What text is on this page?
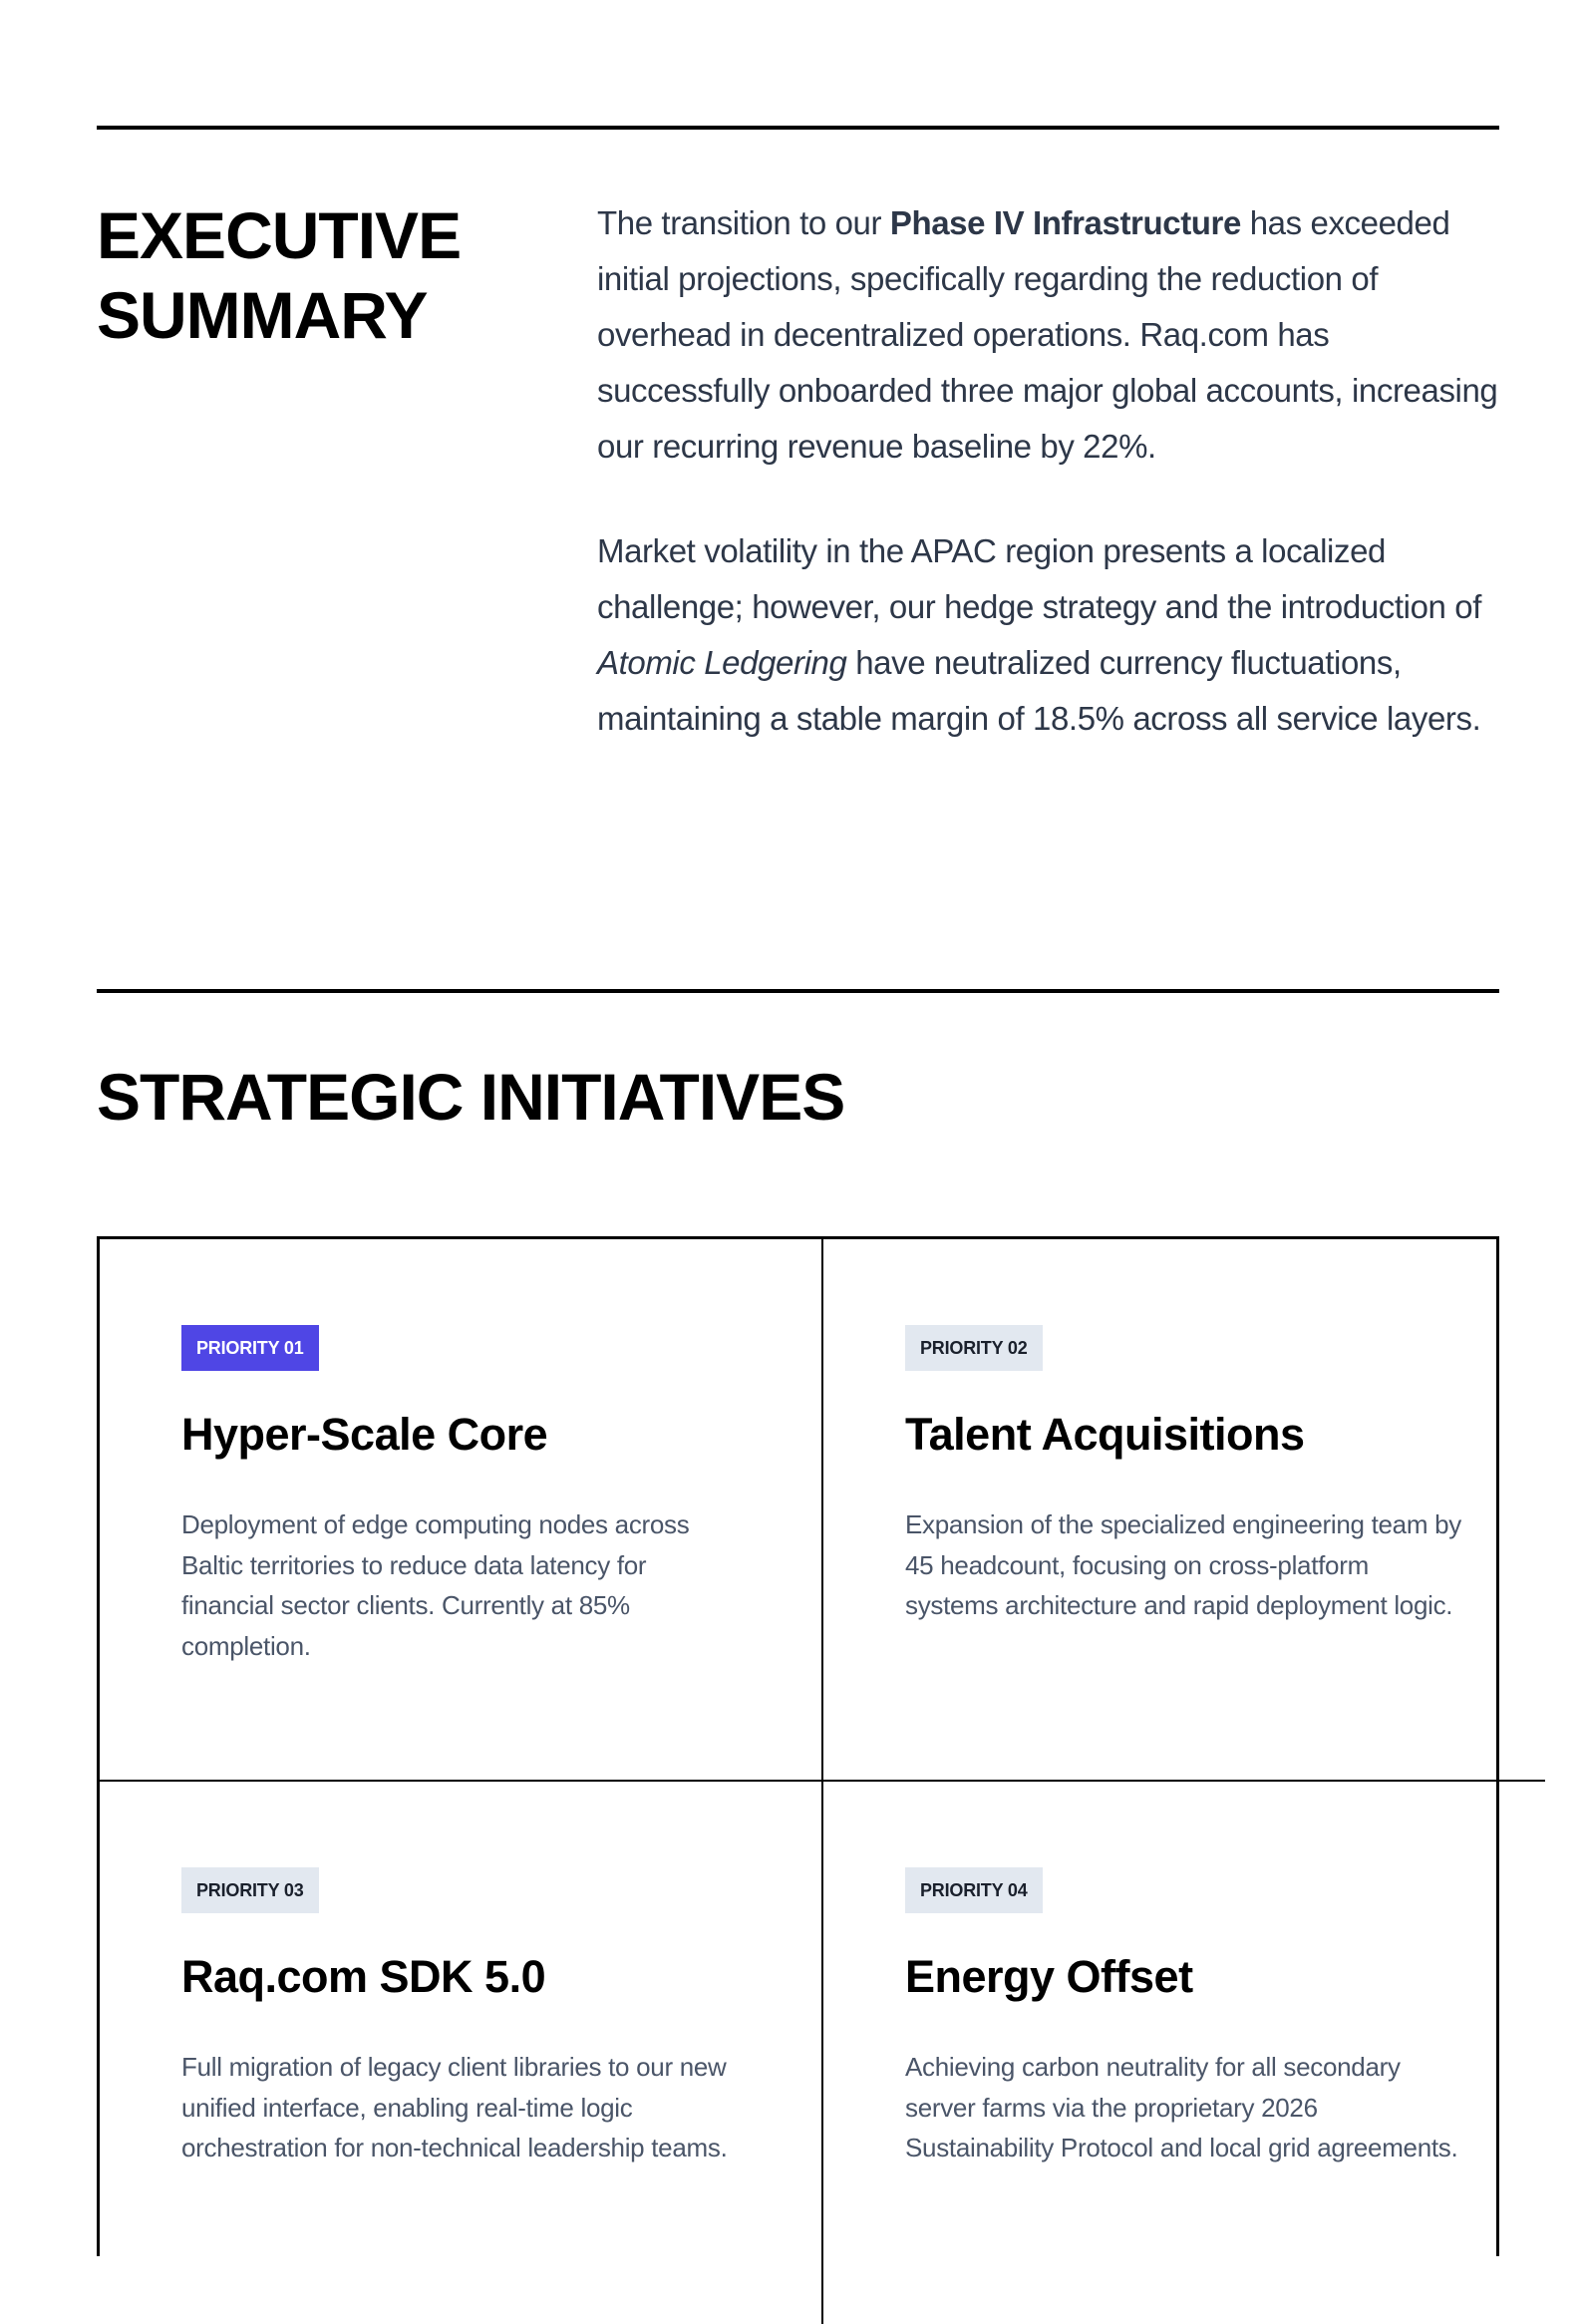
EXECUTIVE SUMMARY

The transition to our Phase IV Infrastructure has exceeded initial projections, specifically regarding the reduction of overhead in decentralized operations. Raq.com has successfully onboarded three major global accounts, increasing our recurring revenue baseline by 22%.

Market volatility in the APAC region presents a localized challenge; however, our hedge strategy and the introduction of Atomic Ledgering have neutralized currency fluctuations, maintaining a stable margin of 18.5% across all service layers.

STRATEGIC INITIATIVES
PRIORITY 01
Hyper-Scale Core

Deployment of edge computing nodes across Baltic territories to reduce data latency for financial sector clients. Currently at 85% completion.

PRIORITY 02
Talent Acquisitions

Expansion of the specialized engineering team by 45 headcount, focusing on cross-platform systems architecture and rapid deployment logic.

PRIORITY 03
Raq.com SDK 5.0

Full migration of legacy client libraries to our new unified interface, enabling real-time logic orchestration for non-technical leadership teams.

PRIORITY 04
Energy Offset

Achieving carbon neutrality for all secondary server farms via the proprietary 2026 Sustainability Protocol and local grid agreements.
